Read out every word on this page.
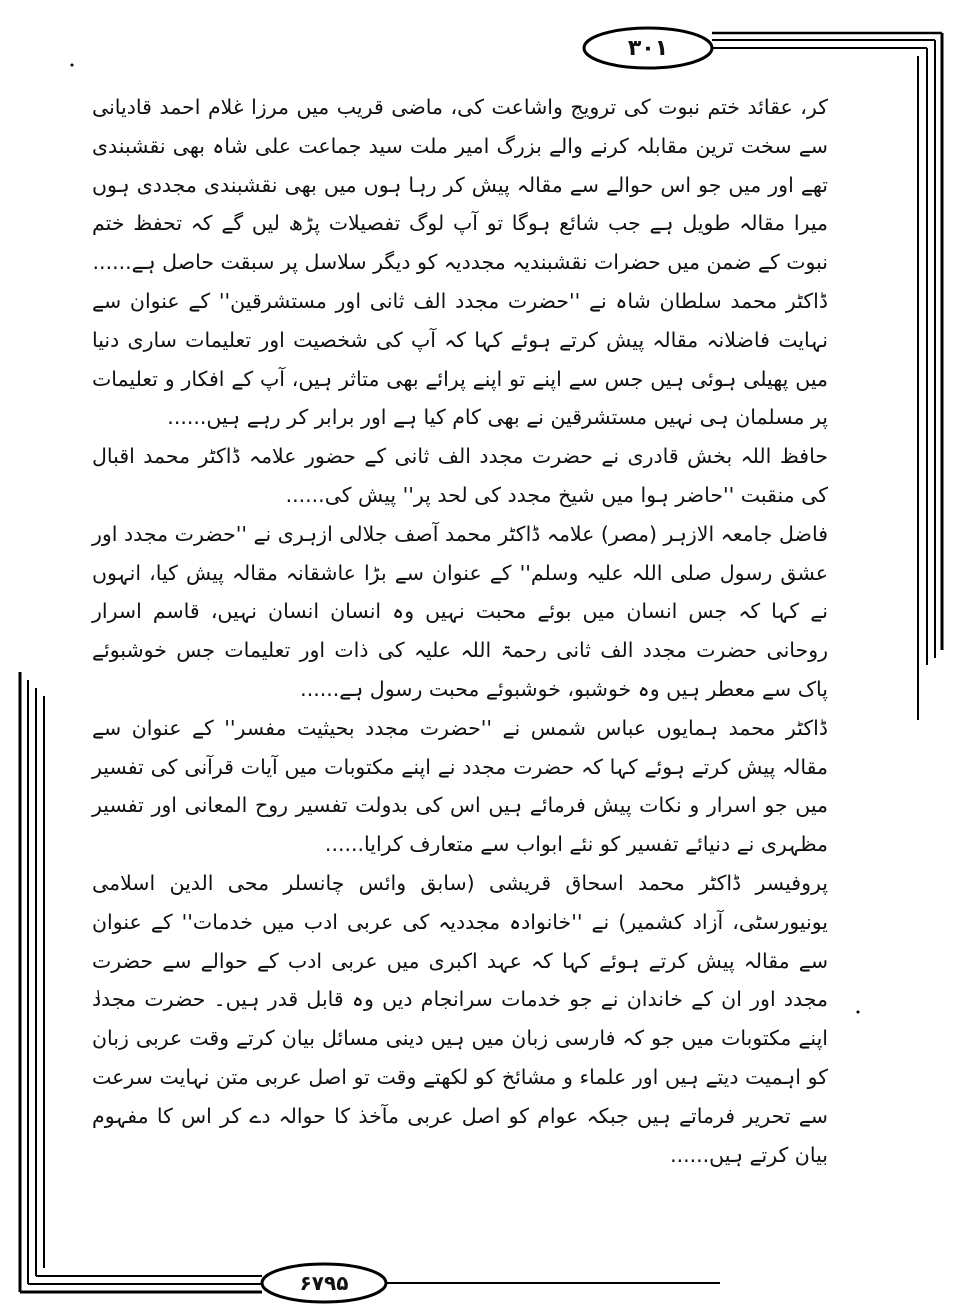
۳۰۱
۶۷۹۵

کر، عقائد ختم نبوت کی ترویج واشاعت کی، ماضی قریب میں مرزا غلام احمد قادیانی سے سخت ترین مقابلہ کرنے والے بزرگ امیر ملت سید جماعت علی شاہ بھی نقشبندی تھے اور میں جو اس حوالے سے مقالہ پیش کر رہا ہوں میں بھی نقشبندی مجددی ہوں میرا مقالہ طویل ہے جب شائع ہوگا تو آپ لوگ تفصیلات پڑھ لیں گے کہ تحفظ ختم نبوت کے ضمن میں حضرات نقشبندیہ مجددیہ کو دیگر سلاسل پر سبقت حاصل ہے......

ڈاکٹر محمد سلطان شاہ نے ''حضرت مجدد الف ثانی اور مستشرقین'' کے عنوان سے نہایت فاضلانہ مقالہ پیش کرتے ہوئے کہا کہ آپ کی شخصیت اور تعلیمات ساری دنیا میں پھیلی ہوئی ہیں جس سے اپنے تو اپنے پرائے بھی متاثر ہیں، آپ کے افکار و تعلیمات پر مسلمان ہی نہیں مستشرقین نے بھی کام کیا ہے اور برابر کر رہے ہیں......

حافظ اللہ بخش قادری نے حضرت مجدد الف ثانی کے حضور علامہ ڈاکٹر محمد اقبال کی منقبت ''حاضر ہوا میں شیخ مجدد کی لحد پر'' پیش کی......

فاضل جامعہ الازہر (مصر) علامہ ڈاکٹر محمد آصف جلالی ازہری نے ''حضرت مجدد اور عشق رسول صلی اللہ علیہ وسلم'' کے عنوان سے بڑا عاشقانہ مقالہ پیش کیا، انہوں نے کہا کہ جس انسان میں بوئے محبت نہیں وہ انسان انسان نہیں، قاسم اسرار روحانی حضرت مجدد الف ثانی رحمۃ اللہ علیہ کی ذات اور تعلیمات جس خوشبوئے پاک سے معطر ہیں وہ خوشبو، خوشبوئے محبت رسول ہے......

ڈاکٹر محمد ہمایوں عباس شمس نے ''حضرت مجدد بحیثیت مفسر'' کے عنوان سے مقالہ پیش کرتے ہوئے کہا کہ حضرت مجدد نے اپنے مکتوبات میں آیات قرآنی کی تفسیر میں جو اسرار و نکات پیش فرمائے ہیں اس کی بدولت تفسیر روح المعانی اور تفسیر مظہری نے دنیائے تفسیر کو نئے ابواب سے متعارف کرایا......

پروفیسر ڈاکٹر محمد اسحاق قریشی (سابق وائس چانسلر محی الدین اسلامی یونیورسٹی، آزاد کشمیر) نے ''خانوادہ مجددیہ کی عربی ادب میں خدمات'' کے عنوان سے مقالہ پیش کرتے ہوئے کہا کہ عہد اکبری میں عربی ادب کے حوالے سے حضرت مجدد اور ان کے خاندان نے جو خدمات سرانجام دیں وہ قابل قدر ہیں۔ حضرت مجدد اپنے مکتوبات میں جو کہ فارسی زبان میں ہیں دینی مسائل بیان کرتے وقت عربی زبان کو اہمیت دیتے ہیں اور علماء و مشائخ کو لکھتے وقت تو اصل عربی متن نہایت سرعت سے تحریر فرماتے ہیں جبکہ عوام کو اصل عربی مآخذ کا حوالہ دے کر اس کا مفہوم بیان کرتے ہیں......
